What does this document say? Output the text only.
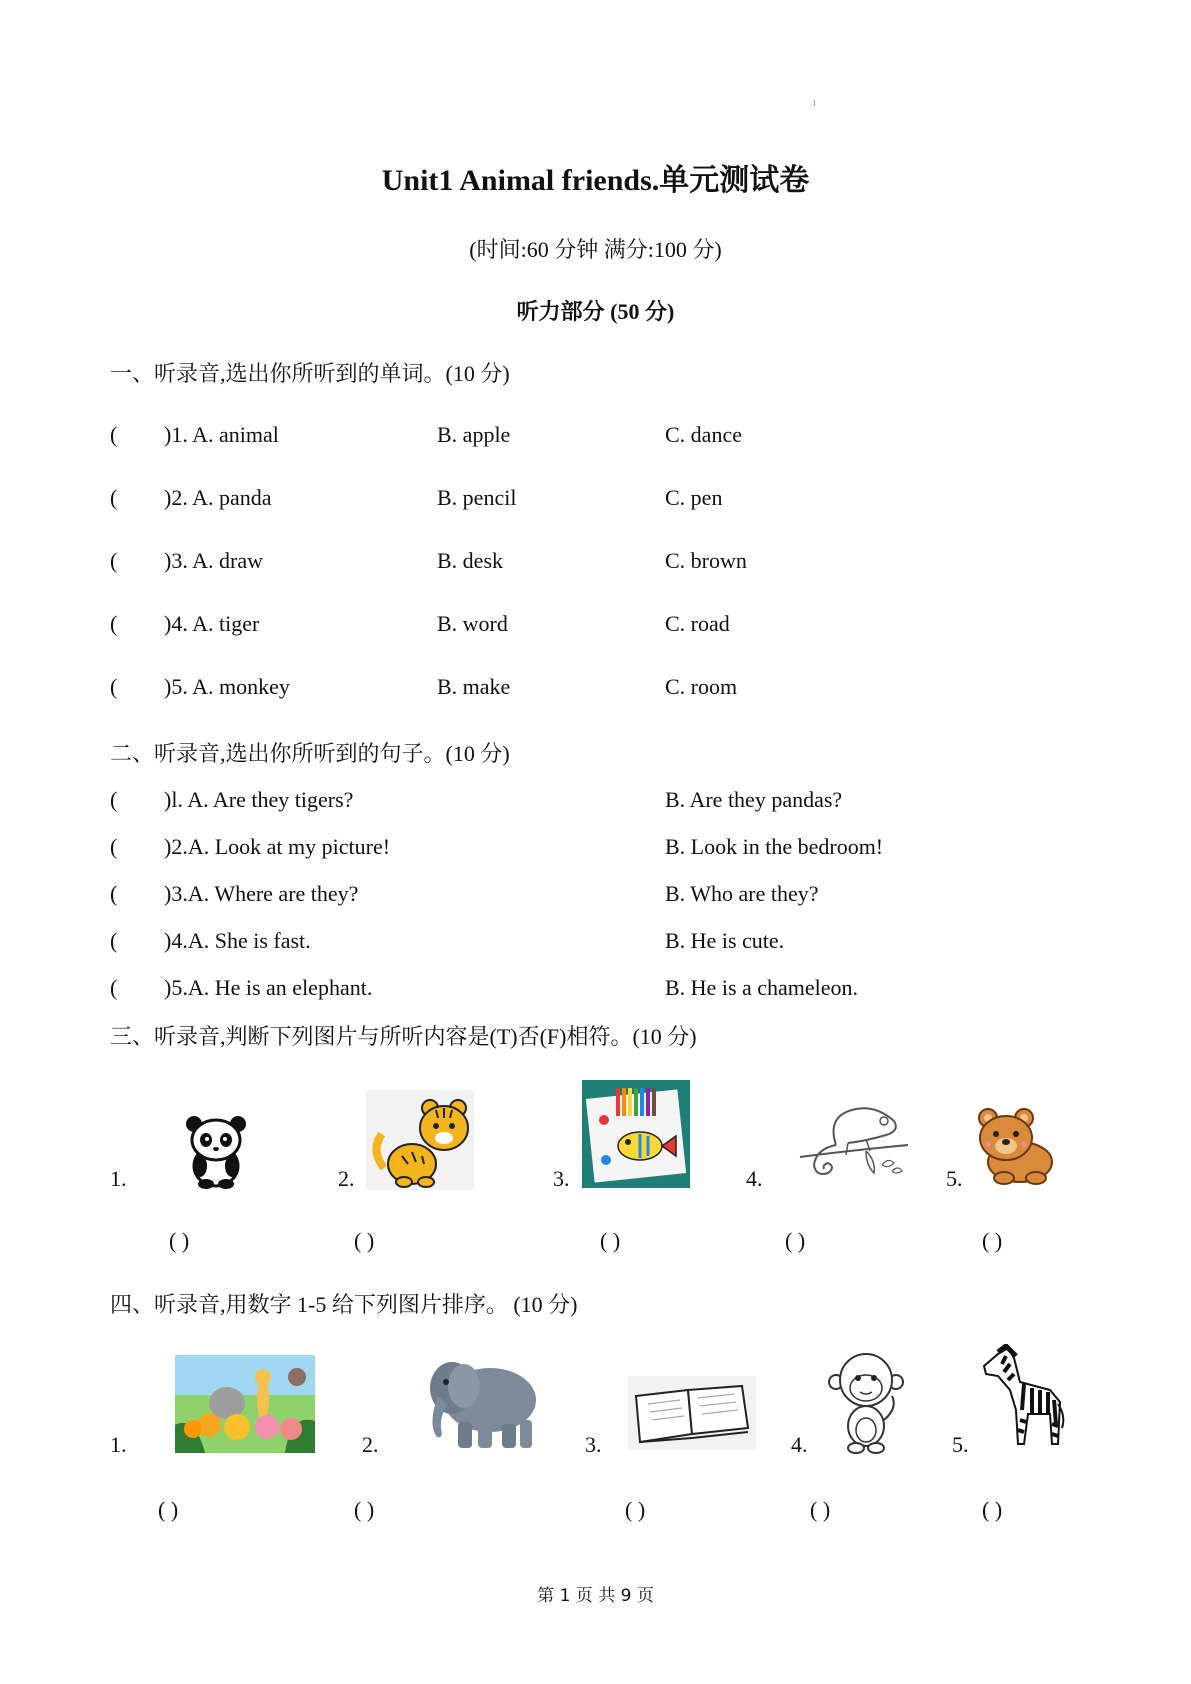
1
Unit1 Animal friends.单元测试卷
(时间:60 分钟 满分:100 分)
听力部分 (50 分)
一、听录音,选出你所听到的单词。(10 分)
( )1. A. animal	B. apple	C. dance
( )2. A. panda	B. pencil	C. pen
( )3. A. draw	B. desk	C. brown
( )4. A. tiger	B. word	C. road
( )5. A. monkey	B. make	C. room
二、听录音,选出你所听到的句子。(10 分)
( )l. A. Are they tigers?	B. Are they pandas?
( )2.A. Look at my picture!	B. Look in the bedroom!
( )3.A. Where are they?	B. Who are they?
( )4.A. She is fast.	B. He is cute.
( )5.A. He is an elephant.	B. He is a chameleon.
三、听录音,判断下列图片与所听内容是(T)否(F)相符。(10 分)
1.	2.	3.	4.	5.
( )	( )	( )	( )	( )
四、听录音,用数字 1-5 给下列图片排序。 (10 分)
1.	2.	3.	4.	5.
( )	( )	( )	( )	( )
第 1 页 共 9 页
